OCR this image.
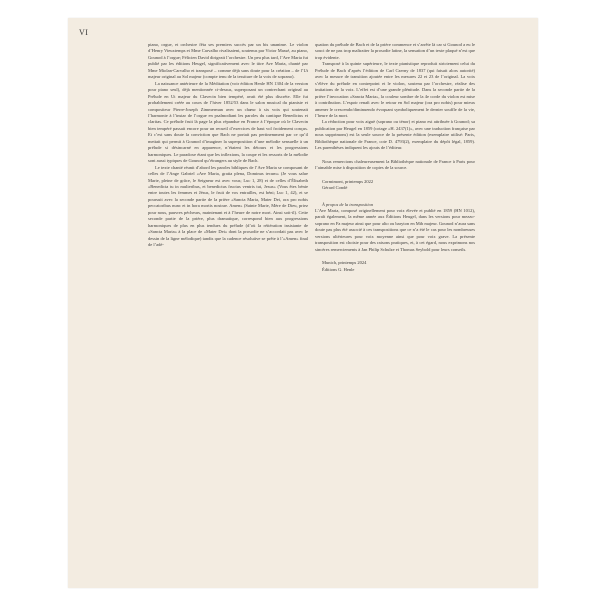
VI

piano, orgue, et orchestre fêta ses premiers succès par un bis unanime. Le violon d’Henry Vieuxtemps et Mme Carvalho rivalisaient, soutenus par Victor Massé, au piano, Gounod à l’orgue; Félicien David dirigeait l’orchestre. Un peu plus tard, l’Ave Maria fut publié par les éditions Heugel, significativement avec le titre Ave Maria, chanté par Mme Miolan-Carvalho et transposé – comme déjà sans doute pour la création – de l’Ut majeur original au Sol majeur (compte tenu de la tessiture de la voix de soprano).

La naissance antérieure de la Méditation (voir édition Henle HN 1304 de la version pour piano seul), déjà mentionnée ci-dessus, superposant un contrechant original au Prélude en Ut majeur du Clavecin bien tempéré, avait été plus discrète. Elle fut probablement créée au cours de l’hiver 1852/53 dans le salon musical du pianiste et compositeur Pierre-Joseph Zimmerman avec un chœur à six voix qui soutenait l’harmonie à l’instar de l’orgue en psalmodiant les paroles du cantique Benedictus et claritas. Ce prélude fruit là page la plus répandue en France à l’époque où le Clavecin bien tempéré passait encore pour un recueil d’exercices de haut vol froidement conçus. Et c’est sans doute la conviction que Bach ne portait pas pertinemment par ce qu’il mettait qui permit à Gounod d’imaginer la superposition d’une mélodie sensuelle à un prélude si désincarné en apparence, n’étaient les détours et les progressions harmoniques. Le paradoxe étant que les inflexions, la coupe et les ressorts de la mélodie sont aussi typiques de Gounod qu’étrangers au style de Bach.

Le texte chanté réunit d’abord les paroles bibliques de l’Ave Maria se composant de celles de l’Ange Gabriel «Ave Maria, gratia plena, Dominus tecum» (Je vous salue Marie, pleine de grâce, le Seigneur est avec vous; Luc 1, 28) et de celles d’Élisabeth «Benedicta tu in mulieribus, et benedictus fructus ventris tui, Jesus» (Vous êtes bénie entre toutes les femmes et Jésus, le fruit de vos entrailles, est béni; Luc 1, 42), et se poursuit avec la seconde partie de la prière «Sancta Maria, Mater Dei, ora pro nobis peccatoribus nunc et in hora mortis nostrae. Amen» (Sainte Marie, Mère de Dieu, priez pour nous, pauvres pécheurs, maintenant et à l’heure de notre mort. Ainsi soit-il). Cette seconde partie de la prière, plus dramatique, correspond bien aux progressions harmoniques de plus en plus tendues du prélude (d’où la réitération insistante de «Sancta Maria» à la place de «Mater Dei» dont la prosodie ne s’accordait pas avec le dessin de la ligne mélodique) tandis que la cadence résolutive se prête à l’«Amen» final de l’adé-

quation du prélude de Bach et de la prière commence et s’arrête là car si Gounod a eu le souci de ne pas trop maltraiter la prosodie latine, la sensation d’un texte plaqué n’est que trop évidente.

Transposé à la quinte supérieure, le texte pianistique reproduit strictement celui du Prélude de Bach d’après l’édition de Carl Czerny de 1837 (qui faisait alors autorité) avec la mesure de transition ajoutée entre les mesures 22 et 23 de l’original. La voix s’élève du prélude en contrepoint et le violon, soutenu par l’orchestre, réalise des imitations de la voix. L’effet est d’une grande plénitude. Dans la seconde partie de la prière l’invocation «Sancta Maria», la couleur sombre de la 4e corde du violon est mise à contribution. L’espoir renaît avec le retour en Sol majeur (ora pro nobis) pour mieux amener le crescendo/diminuendo évoquant symboliquement le dernier souffle de la vie, l’heure de la mort.

La réduction pour voix aiguë (soprano ou ténor) et piano est attribuée à Gounod; sa publication par Heugel en 1859 (cotage «H. 2437(1)», avec une traduction française par nous supprimons) est la seule source de la présente édition (exemplaire utilisé: Paris, Bibliothèque nationale de France, cote D. 4793(2), exemplaire du dépôt légal, 1859). Les parenthèses indiquent les ajouts de l’éditeur.

Nous remercions chaleureusement la Bibliothèque nationale de France à Paris pour l’aimable mise à disposition de copies de la source.

Cormimont, printemps 2022

Gérard Condé

À propos de la transposition

L’Ave Maria, composé originellement pour voix élevée et publié en 1859 (HN 1012), paraît également, la même année aux Éditions Heugel, dans les versions pour mezzo-soprano en Fa majeur ainsi que pour alto ou baryton en Mib majeur. Gounod n’aura sans doute pas plus été associé à ces transpositions que ce n’a été le cas pour les nombreuses versions ultérieures pour voix moyenne ainsi que pour voix grave. La présente transposition est choisie pour des raisons pratiques, et, à cet égard, nous exprimons nos sincères remerciements à Jan Philip Schulze et Thomas Seybold pour leurs conseils.

Munich, printemps 2024

Éditions G. Henle
